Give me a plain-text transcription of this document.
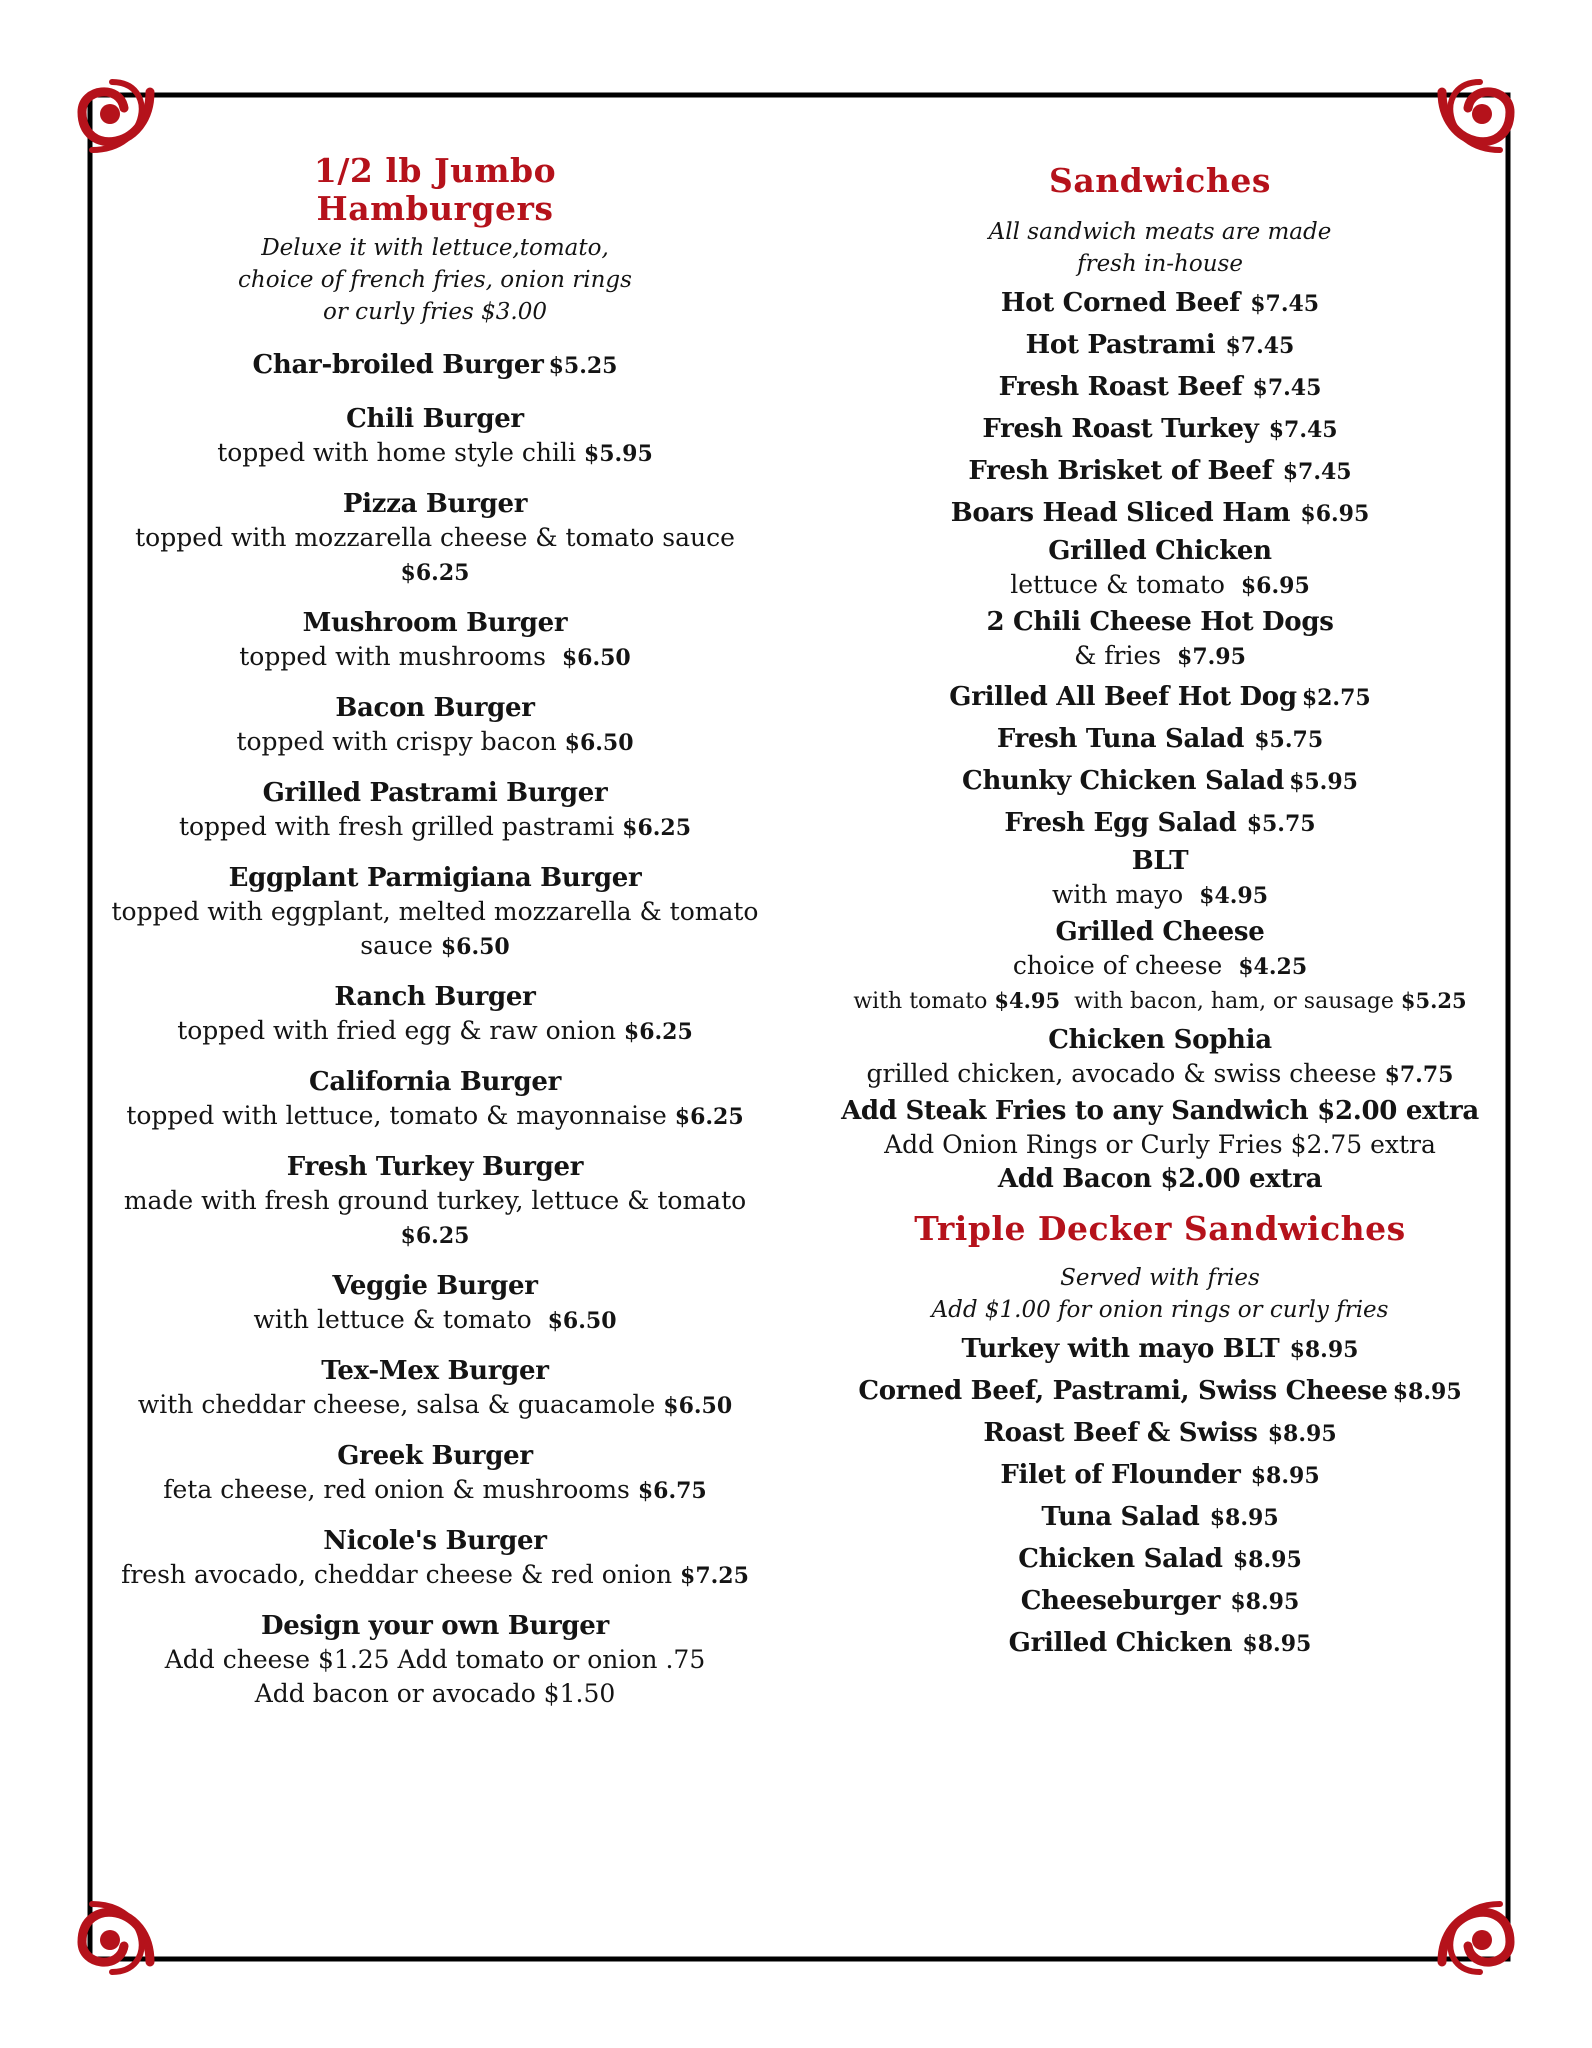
1/2 lb Jumbo
Hamburgers

Deluxe it with lettuce,tomato,

choice of french fries, onion rings

or curly fries $3.00

Char-broiled Burger $5.25
Chili Burger
topped with home style chili $5.95
Pizza Burger
topped with mozzarella cheese & tomato sauce
$6.25
Mushroom Burger
topped with mushrooms $6.50
Bacon Burger
topped with crispy bacon $6.50
Grilled Pastrami Burger
topped with fresh grilled pastrami $6.25
Eggplant Parmigiana Burger
topped with eggplant, melted mozzarella & tomato sauce $6.50
Ranch Burger
topped with fried egg & raw onion $6.25
California Burger
topped with lettuce, tomato & mayonnaise $6.25
Fresh Turkey Burger
made with fresh ground turkey, lettuce & tomato $6.25
Veggie Burger
with lettuce & tomato $6.50
Tex-Mex Burger
with cheddar cheese, salsa & guacamole $6.50
Greek Burger
feta cheese, red onion & mushrooms $6.75
Nicole's Burger
fresh avocado, cheddar cheese & red onion $7.25
Design your own Burger
Add cheese $1.25 Add tomato or onion .75
Add bacon or avocado $1.50
Sandwiches

All sandwich meats are made

fresh in-house

Hot Corned Beef $7.45
Hot Pastrami $7.45
Fresh Roast Beef $7.45
Fresh Roast Turkey $7.45
Fresh Brisket of Beef $7.45
Boars Head Sliced Ham $6.95
Grilled Chicken
lettuce & tomato $6.95
2 Chili Cheese Hot Dogs
& fries $7.95
Grilled All Beef Hot Dog $2.75
Fresh Tuna Salad $5.75
Chunky Chicken Salad $5.95
Fresh Egg Salad $5.75
BLT
with mayo $4.95
Grilled Cheese
choice of cheese $4.25
with tomato $4.95 with bacon, ham, or sausage $5.25
Chicken Sophia
grilled chicken, avocado & swiss cheese $7.75
Add Steak Fries to any Sandwich $2.00 extra
Add Onion Rings or Curly Fries $2.75 extra
Add Bacon $2.00 extra
Triple Decker Sandwiches

Served with fries

Add $1.00 for onion rings or curly fries

Turkey with mayo BLT $8.95
Corned Beef, Pastrami, Swiss Cheese $8.95
Roast Beef & Swiss $8.95
Filet of Flounder $8.95
Tuna Salad $8.95
Chicken Salad $8.95
Cheeseburger $8.95
Grilled Chicken $8.95
